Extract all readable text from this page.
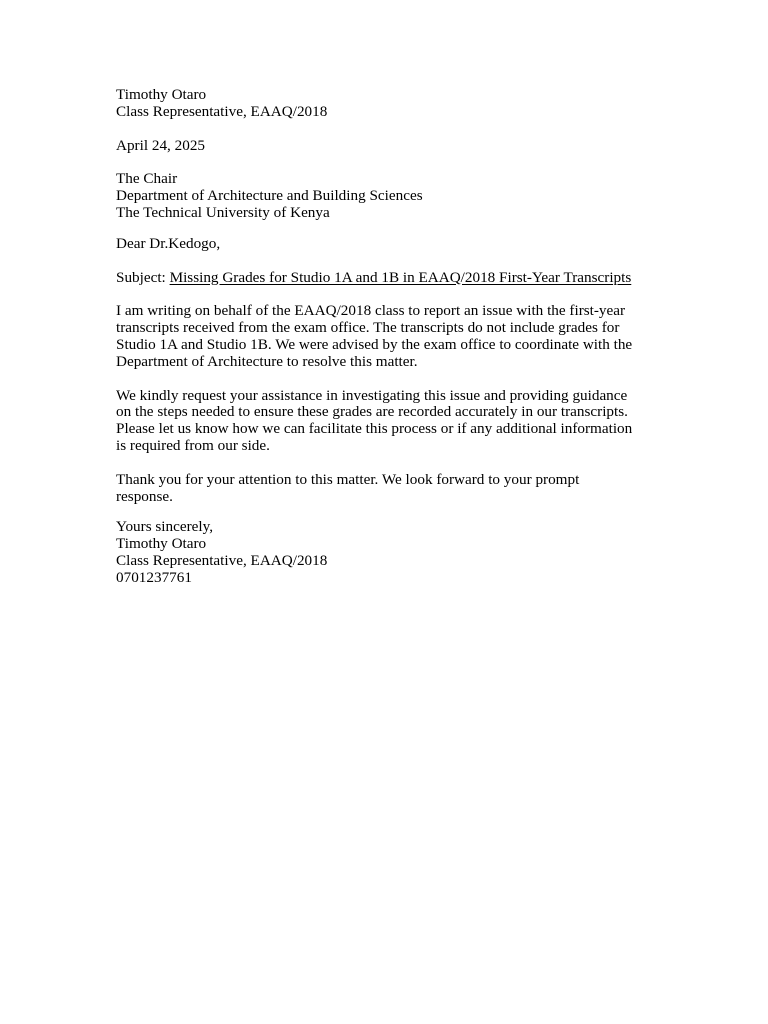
Timothy Otaro
Class Representative, EAAQ/2018
April 24, 2025
The Chair
Department of Architecture and Building Sciences
The Technical University of Kenya
Dear Dr.Kedogo,
Subject: Missing Grades for Studio 1A and 1B in EAAQ/2018 First-Year Transcripts
I am writing on behalf of the EAAQ/2018 class to report an issue with the first-year
transcripts received from the exam office. The transcripts do not include grades for
Studio 1A and Studio 1B. We were advised by the exam office to coordinate with the
Department of Architecture to resolve this matter.
We kindly request your assistance in investigating this issue and providing guidance
on the steps needed to ensure these grades are recorded accurately in our transcripts.
Please let us know how we can facilitate this process or if any additional information
is required from our side.
Thank you for your attention to this matter. We look forward to your prompt
response.
Yours sincerely,
Timothy Otaro
Class Representative, EAAQ/2018
0701237761
